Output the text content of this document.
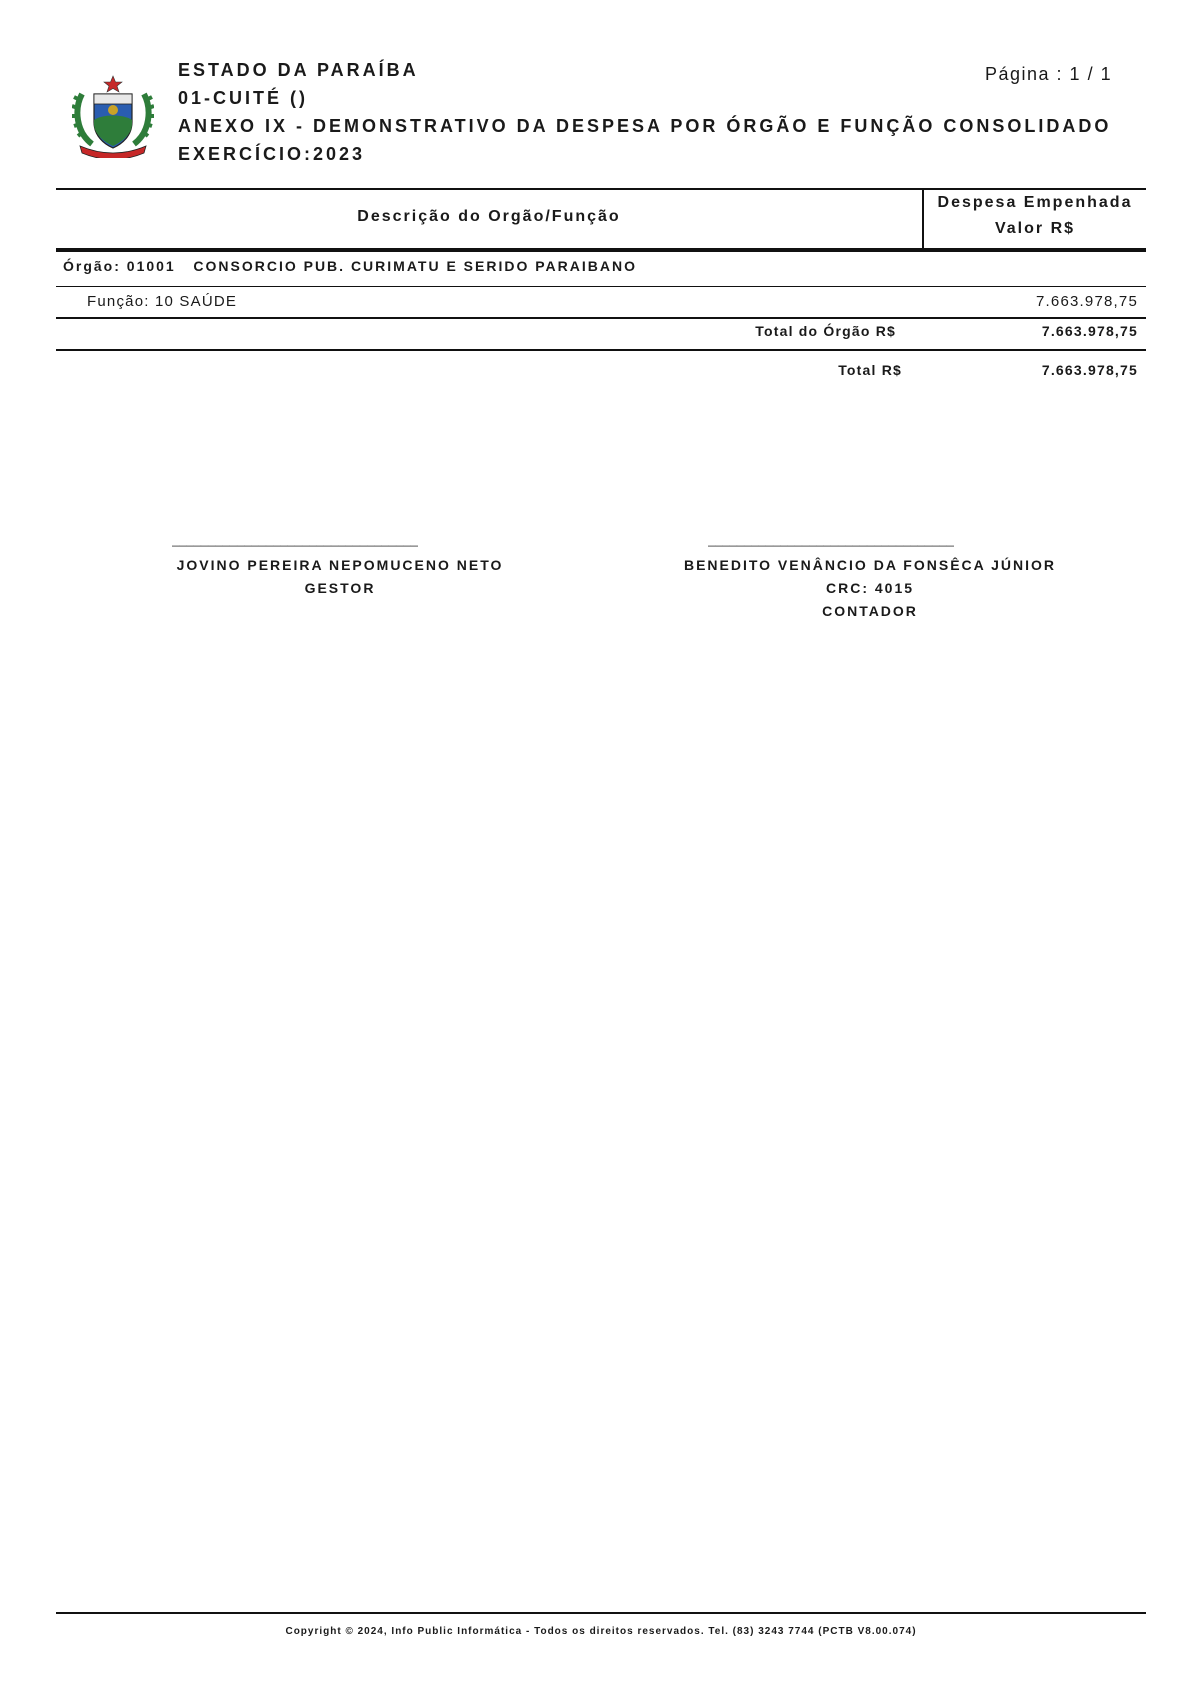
ESTADO DA PARAÍBA
01-CUITÉ ()
ANEXO IX - DEMONSTRATIVO DA DESPESA POR ÓRGÃO E FUNÇÃO CONSOLIDADO
EXERCÍCIO:2023
Página : 1 / 1
Descrição do Orgão/Função
Despesa Empenhada
Valor R$
Órgão: 01001   CONSORCIO PUB. CURIMATU E SERIDO PARAIBANO
Função: 10 SAÚDE	7.663.978,75
Total do Órgão R$	7.663.978,75
Total R$	7.663.978,75
__________________________________
JOVINO PEREIRA NEPOMUCENO NETO
GESTOR
__________________________________
BENEDITO VENÂNCIO DA FONSÊCA JÚNIOR
CRC: 4015
CONTADOR
Copyright © 2024, Info Public Informática - Todos os direitos reservados. Tel. (83) 3243 7744 (PCTB V8.00.074)
